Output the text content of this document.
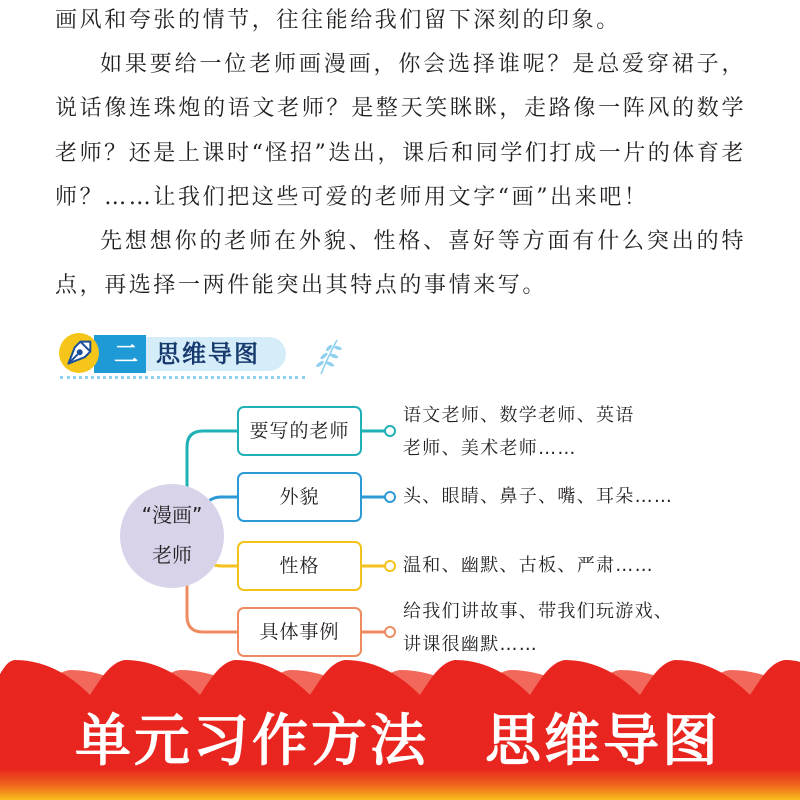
画风和夸张的情节，往往能给我们留下深刻的印象。
如果要给一位老师画漫画，你会选择谁呢？是总爱穿裙子，
说话像连珠炮的语文老师？是整天笑眯眯，走路像一阵风的数学
老师？还是上课时“怪招”迭出，课后和同学们打成一片的体育老
师？……让我们把这些可爱的老师用文字“画”出来吧！
先想想你的老师在外貌、性格、喜好等方面有什么突出的特
点，再选择一两件能突出其特点的事情来写。
二 思维导图
“漫画”
老师
要写的老师
外貌
性格
具体事例
语文老师、数学老师、英语
老师、美术老师……
头、眼睛、鼻子、嘴、耳朵……
温和、幽默、古板、严肃……
给我们讲故事、带我们玩游戏、
讲课很幽默……
单元习作方法 思维导图
